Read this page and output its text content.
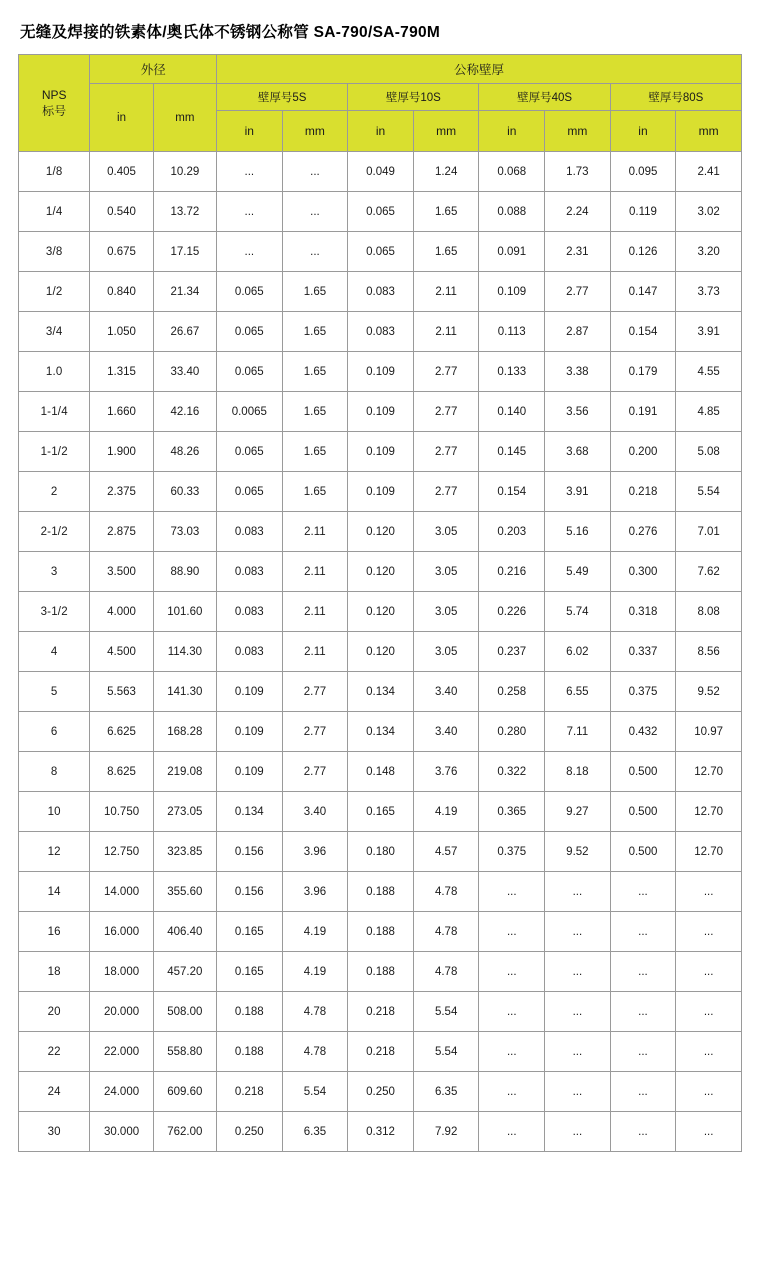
无缝及焊接的铁素体/奥氏体不锈钢公称管 SA-790/SA-790M
NPS
标号	外径		公称壁厚							
	in	mm	壁厚号5S		壁厚号10S		壁厚号40S		壁厚号80S	
			in	mm	in	mm	in	mm	in	mm
1/8	0.405	10.29	...	...	0.049	1.24	0.068	1.73	0.095	2.41
1/4	0.540	13.72	...	...	0.065	1.65	0.088	2.24	0.119	3.02
3/8	0.675	17.15	...	...	0.065	1.65	0.091	2.31	0.126	3.20
1/2	0.840	21.34	0.065	1.65	0.083	2.11	0.109	2.77	0.147	3.73
3/4	1.050	26.67	0.065	1.65	0.083	2.11	0.113	2.87	0.154	3.91
1.0	1.315	33.40	0.065	1.65	0.109	2.77	0.133	3.38	0.179	4.55
1-1/4	1.660	42.16	0.0065	1.65	0.109	2.77	0.140	3.56	0.191	4.85
1-1/2	1.900	48.26	0.065	1.65	0.109	2.77	0.145	3.68	0.200	5.08
2	2.375	60.33	0.065	1.65	0.109	2.77	0.154	3.91	0.218	5.54
2-1/2	2.875	73.03	0.083	2.11	0.120	3.05	0.203	5.16	0.276	7.01
3	3.500	88.90	0.083	2.11	0.120	3.05	0.216	5.49	0.300	7.62
3-1/2	4.000	101.60	0.083	2.11	0.120	3.05	0.226	5.74	0.318	8.08
4	4.500	114.30	0.083	2.11	0.120	3.05	0.237	6.02	0.337	8.56
5	5.563	141.30	0.109	2.77	0.134	3.40	0.258	6.55	0.375	9.52
6	6.625	168.28	0.109	2.77	0.134	3.40	0.280	7.11	0.432	10.97
8	8.625	219.08	0.109	2.77	0.148	3.76	0.322	8.18	0.500	12.70
10	10.750	273.05	0.134	3.40	0.165	4.19	0.365	9.27	0.500	12.70
12	12.750	323.85	0.156	3.96	0.180	4.57	0.375	9.52	0.500	12.70
14	14.000	355.60	0.156	3.96	0.188	4.78	...	...	...	...
16	16.000	406.40	0.165	4.19	0.188	4.78	...	...	...	...
18	18.000	457.20	0.165	4.19	0.188	4.78	...	...	...	...
20	20.000	508.00	0.188	4.78	0.218	5.54	...	...	...	...
22	22.000	558.80	0.188	4.78	0.218	5.54	...	...	...	...
24	24.000	609.60	0.218	5.54	0.250	6.35	...	...	...	...
30	30.000	762.00	0.250	6.35	0.312	7.92	...	...	...	...
